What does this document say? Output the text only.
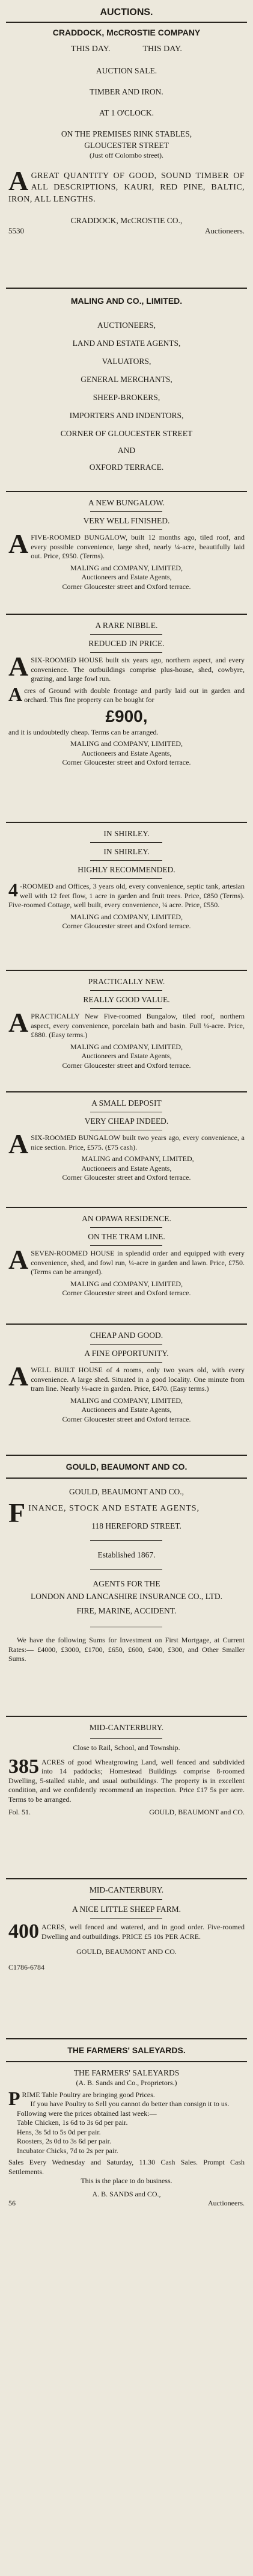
AUCTIONS.
CRADDOCK, McCROSTIE COMPANY
THIS DAY.	THIS DAY.
AUCTION SALE.
TIMBER AND IRON.
AT 1 O'CLOCK.
ON THE PREMISES RINK STABLES,
GLOUCESTER STREET
(Just off Colombo street).
AGREAT QUANTITY OF GOOD, SOUND TIMBER OF ALL DESCRIPTIONS, KAURI, RED PINE, BALTIC, IRON, ALL LENGTHS.
CRADDOCK, McCROSTIE CO.,
5530	Auctioneers.
MALING AND CO., LIMITED.
AUCTIONEERS,
LAND AND ESTATE AGENTS,
VALUATORS,
GENERAL MERCHANTS,
SHEEP-BROKERS,
IMPORTERS AND INDENTORS,
CORNER OF GLOUCESTER STREET
AND
OXFORD TERRACE.
A NEW BUNGALOW.
VERY WELL FINISHED.
AFIVE-ROOMED BUNGALOW, built 12 months ago, tiled roof, and every possible convenience, large shed, nearly ¼-acre, beautifully laid out. Price, £950. (Terms).
MALING and COMPANY, LIMITED,
Auctioneers and Estate Agents,
Corner Gloucester street and Oxford terrace.
A RARE NIBBLE.
REDUCED IN PRICE.
ASIX-ROOMED HOUSE built six years ago, northern aspect, and every convenience. The outbuildings comprise plus-house, shed, cowbyre, grazing, and large fowl run.
Acres of Ground with double frontage and partly laid out in garden and orchard. This fine property can be bought for
£900,
and it is undoubtedly cheap. Terms can be arranged.
MALING and COMPANY, LIMITED,
Auctioneers and Estate Agents,
Corner Gloucester street and Oxford terrace.
IN SHIRLEY.
IN SHIRLEY.
HIGHLY RECOMMENDED.
4-ROOMED and Offices, 3 years old, every convenience, septic tank, artesian well with 12 feet flow, 1 acre in garden and fruit trees. Price, £850 (Terms). Five-roomed Cottage, well built, every convenience, ¼ acre. Price, £550.
MALING and COMPANY, LIMITED,
Corner Gloucester street and Oxford terrace.
PRACTICALLY NEW.
REALLY GOOD VALUE.
APRACTICALLY New Five-roomed Bungalow, tiled roof, northern aspect, every convenience, porcelain bath and basin. Full ¼-acre. Price, £880. (Easy terms.)
MALING and COMPANY, LIMITED,
Auctioneers and Estate Agents,
Corner Gloucester street and Oxford terrace.
A SMALL DEPOSIT
VERY CHEAP INDEED.
ASIX-ROOMED BUNGALOW built two years ago, every convenience, a nice section. Price, £575. (£75 cash).
MALING and COMPANY, LIMITED,
Auctioneers and Estate Agents,
Corner Gloucester street and Oxford terrace.
AN OPAWA RESIDENCE.
ON THE TRAM LINE.
ASEVEN-ROOMED HOUSE in splendid order and equipped with every convenience, shed, and fowl run, ¼-acre in garden and lawn. Price, £750. (Terms can be arranged).
MALING and COMPANY, LIMITED,
Corner Gloucester street and Oxford terrace.
CHEAP AND GOOD.
A FINE OPPORTUNITY.
AWELL BUILT HOUSE of 4 rooms, only two years old, with every convenience. A large shed. Situated in a good locality. One minute from tram line. Nearly ¼-acre in garden. Price, £470. (Easy terms.)
MALING and COMPANY, LIMITED,
Auctioneers and Estate Agents,
Corner Gloucester street and Oxford terrace.
GOULD, BEAUMONT AND CO.
GOULD, BEAUMONT AND CO.,
FINANCE, STOCK AND ESTATE AGENTS,
118 HEREFORD STREET.
Established 1867.
AGENTS FOR THE
LONDON AND LANCASHIRE INSURANCE CO., LTD.
FIRE, MARINE, ACCIDENT.
We have the following Sums for Investment on First Mortgage, at Current Rates:— £4000, £3000, £1700, £650, £600, £400, £300, and Other Smaller Sums.
MID-CANTERBURY.
Close to Rail, School, and Township.
385 ACRES of good Wheatgrowing Land, well fenced and subdivided into 14 paddocks; Homestead Buildings comprise 8-roomed Dwelling, 5-stalled stable, and usual outbuildings. The property is in excellent condition, and we confidently recommend an inspection. Price £17 5s per acre. Terms to be arranged.
Fol. 51.	GOULD, BEAUMONT and CO.
MID-CANTERBURY.
A NICE LITTLE SHEEP FARM.
400 ACRES, well fenced and watered, and in good order. Five-roomed Dwelling and outbuildings. PRICE £5 10s PER ACRE.
GOULD, BEAUMONT AND CO.
C1786-6784
THE FARMERS' SALEYARDS.
THE FARMERS' SALEYARDS
(A. B. Sands and Co., Proprietors.)
PRIME Table Poultry are bringing good Prices.
If you have Poultry to Sell you cannot do better than consign it to us.
Following were the prices obtained last week:—
Table Chicken, 1s 6d to 3s 6d per pair.
Hens, 3s 5d to 5s 0d per pair.
Roosters, 2s 0d to 3s 6d per pair.
Incubator Chicks, 7d to 2s per pair.
Sales Every Wednesday and Saturday, 11.30 Cash Sales. Prompt Cash Settlements.
This is the place to do business.
A. B. SANDS and CO.,
56	Auctioneers.
